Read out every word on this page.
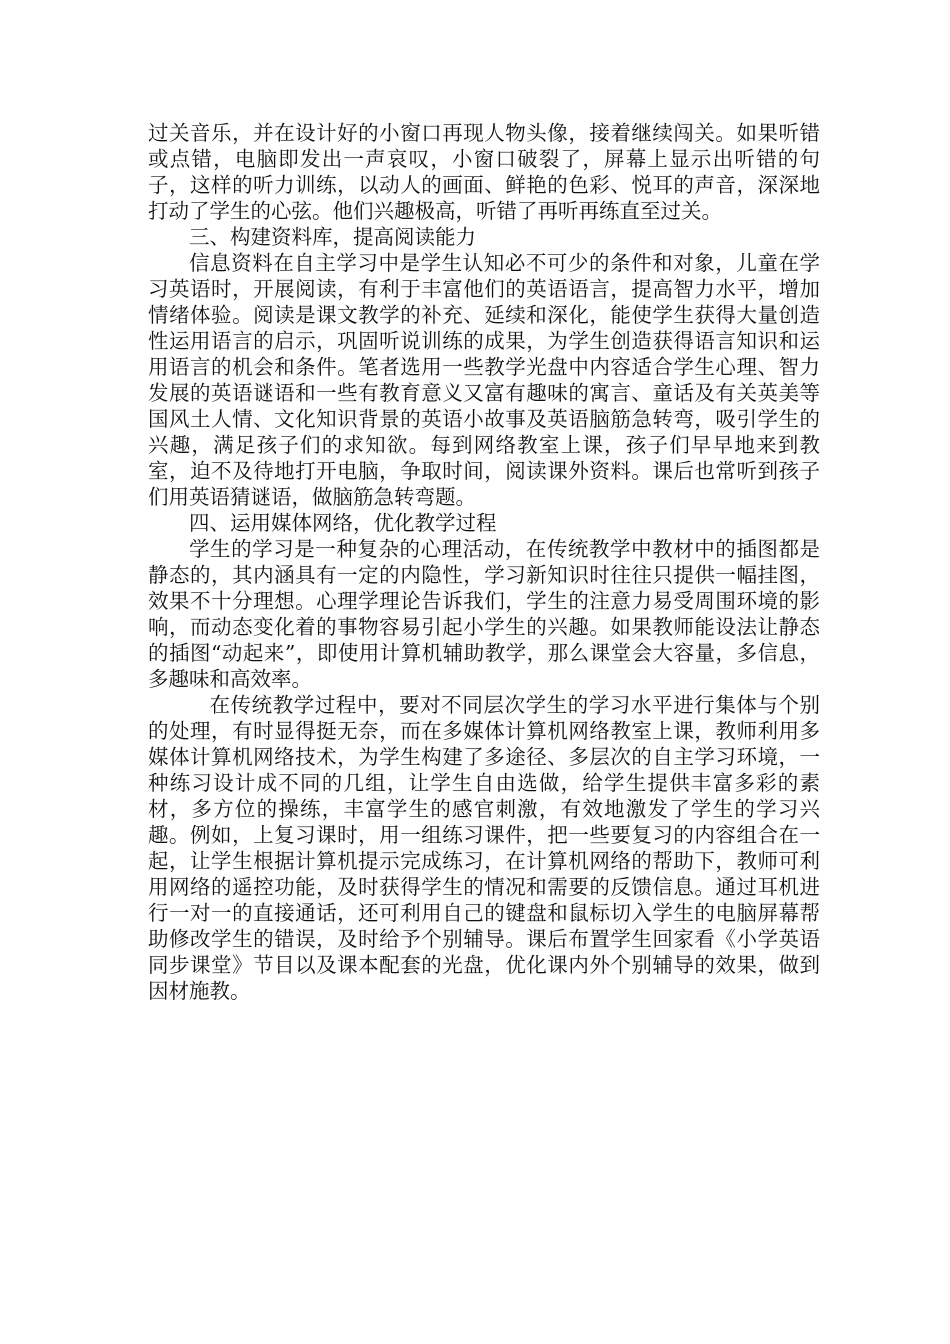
过关音乐，并在设计好的小窗口再现人物头像，接着继续闯关。如果听错或点错，电脑即发出一声哀叹，小窗口破裂了，屏幕上显示出听错的句子，这样的听力训练，以动人的画面、鲜艳的色彩、悦耳的声音，深深地打动了学生的心弦。他们兴趣极高，听错了再听再练直至过关。

三、构建资料库，提高阅读能力

信息资料在自主学习中是学生认知必不可少的条件和对象，儿童在学习英语时，开展阅读，有利于丰富他们的英语语言，提高智力水平，增加情绪体验。阅读是课文教学的补充、延续和深化，能使学生获得大量创造性运用语言的启示，巩固听说训练的成果，为学生创造获得语言知识和运用语言的机会和条件。笔者选用一些教学光盘中内容适合学生心理、智力发展的英语谜语和一些有教育意义又富有趣味的寓言、童话及有关英美等国风土人情、文化知识背景的英语小故事及英语脑筋急转弯，吸引学生的兴趣，满足孩子们的求知欲。每到网络教室上课，孩子们早早地来到教室，迫不及待地打开电脑，争取时间，阅读课外资料。课后也常听到孩子们用英语猜谜语，做脑筋急转弯题。

四、运用媒体网络，优化教学过程

学生的学习是一种复杂的心理活动，在传统教学中教材中的插图都是静态的，其内涵具有一定的内隐性，学习新知识时往往只提供一幅挂图，效果不十分理想。心理学理论告诉我们，学生的注意力易受周围环境的影响，而动态变化着的事物容易引起小学生的兴趣。如果教师能设法让静态的插图“动起来”，即使用计算机辅助教学，那么课堂会大容量，多信息，多趣味和高效率。

在传统教学过程中，要对不同层次学生的学习水平进行集体与个别的处理，有时显得挺无奈，而在多媒体计算机网络教室上课，教师利用多媒体计算机网络技术，为学生构建了多途径、多层次的自主学习环境，一种练习设计成不同的几组，让学生自由选做，给学生提供丰富多彩的素材，多方位的操练，丰富学生的感官刺激，有效地激发了学生的学习兴趣。例如，上复习课时，用一组练习课件，把一些要复习的内容组合在一起，让学生根据计算机提示完成练习，在计算机网络的帮助下，教师可利用网络的遥控功能，及时获得学生的情况和需要的反馈信息。通过耳机进行一对一的直接通话，还可利用自己的键盘和鼠标切入学生的电脑屏幕帮助修改学生的错误，及时给予个别辅导。课后布置学生回家看《小学英语同步课堂》节目以及课本配套的光盘，优化课内外个别辅导的效果，做到因材施教。
